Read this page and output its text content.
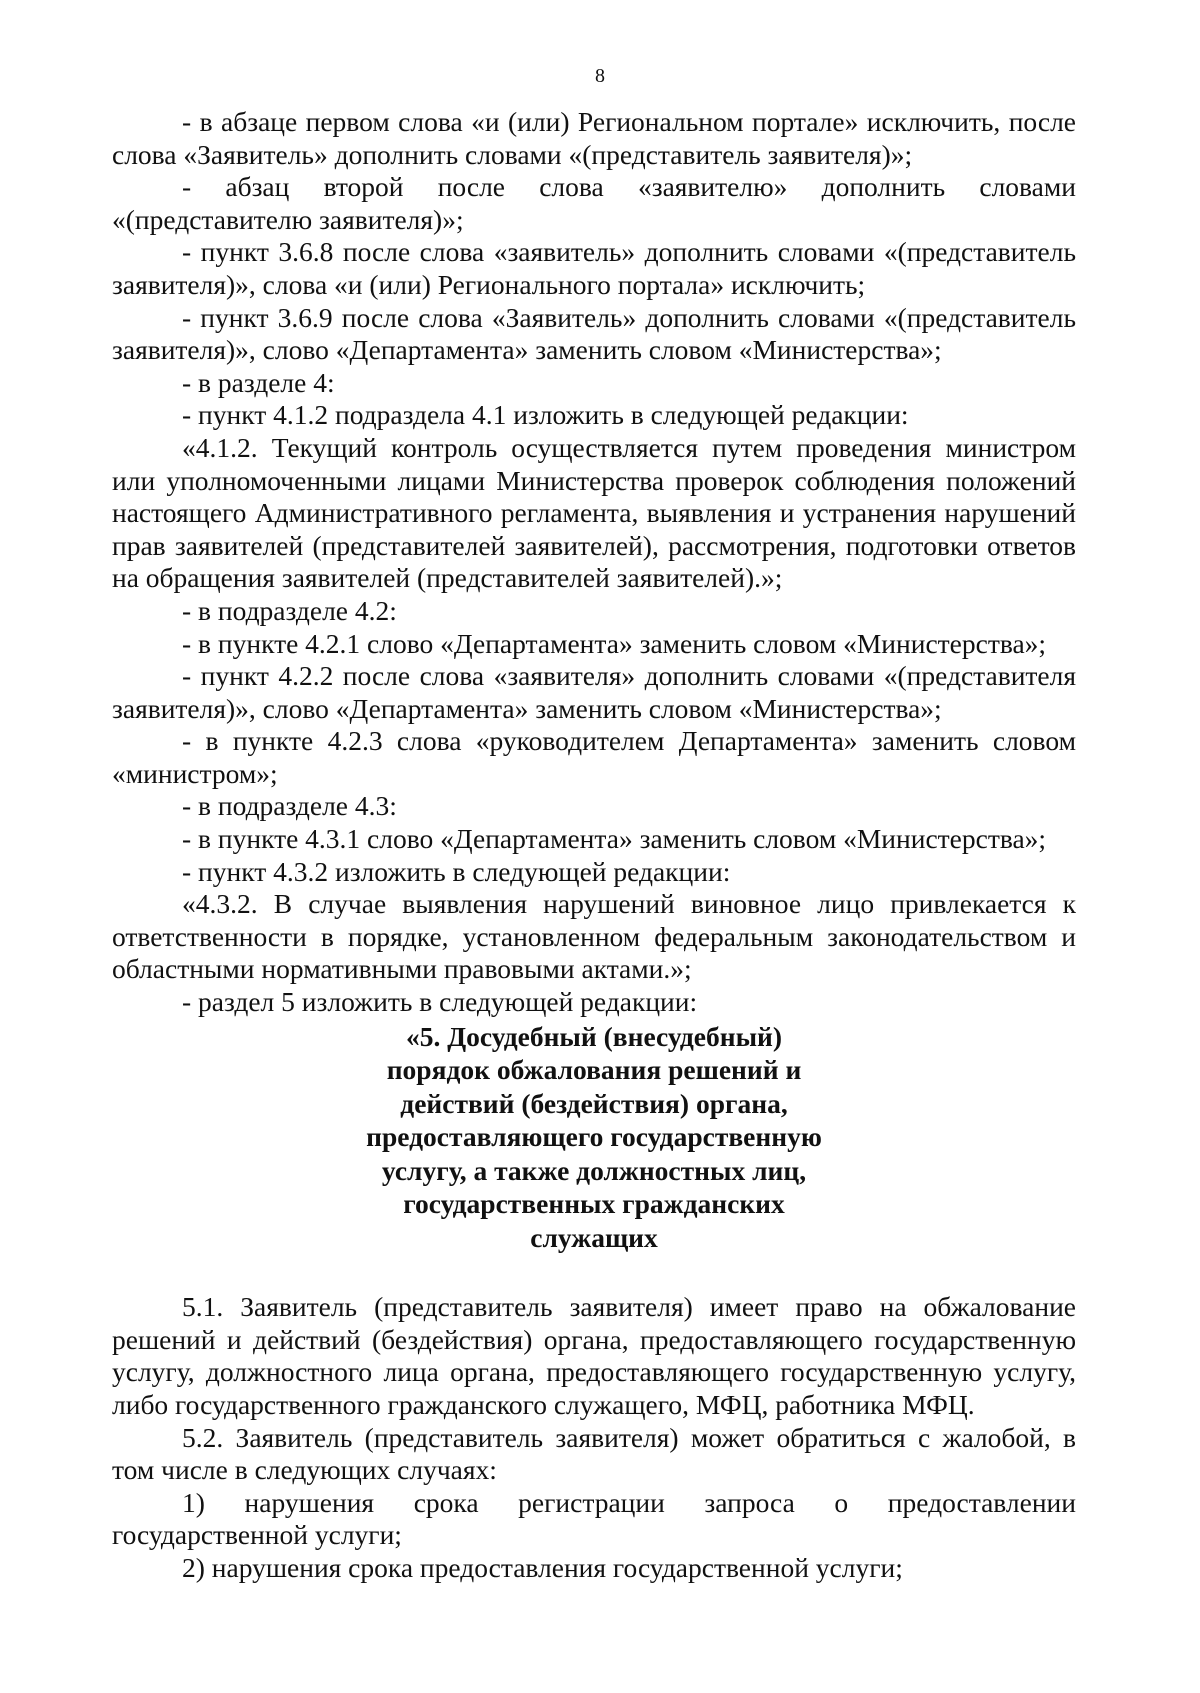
8

- в абзаце первом слова «и (или) Региональном портале» исключить, после слова «Заявитель» дополнить словами «(представитель заявителя)»;

- абзац второй после слова «заявителю» дополнить словами «(представителю заявителя)»;

- пункт 3.6.8 после слова «заявитель» дополнить словами «(представитель заявителя)», слова «и (или) Регионального портала» исключить;

- пункт 3.6.9 после слова «Заявитель» дополнить словами «(представитель заявителя)», слово «Департамента» заменить словом «Министерства»;

- в разделе 4:

- пункт 4.1.2 подраздела 4.1 изложить в следующей редакции:

«4.1.2. Текущий контроль осуществляется путем проведения министром или уполномоченными лицами Министерства проверок соблюдения положений настоящего Административного регламента, выявления и устранения нарушений прав заявителей (представителей заявителей), рассмотрения, подготовки ответов на обращения заявителей (представителей заявителей).»;

- в подразделе 4.2:

- в пункте 4.2.1 слово «Департамента» заменить словом «Министерства»;

- пункт 4.2.2 после слова «заявителя» дополнить словами «(представителя заявителя)», слово «Департамента» заменить словом «Министерства»;

- в пункте 4.2.3 слова «руководителем Департамента» заменить словом «министром»;

- в подразделе 4.3:

- в пункте 4.3.1 слово «Департамента» заменить словом «Министерства»;

- пункт 4.3.2 изложить в следующей редакции:

«4.3.2. В случае выявления нарушений виновное лицо привлекается к ответственности в порядке, установленном федеральным законодательством и областными нормативными правовыми актами.»;

- раздел 5 изложить в следующей редакции:

«5. Досудебный (внесудебный)
порядок обжалования решений и
действий (бездействия) органа,
предоставляющего государственную
услугу, а также должностных лиц,
государственных гражданских
служащих

5.1. Заявитель (представитель заявителя) имеет право на обжалование решений и действий (бездействия) органа, предоставляющего государственную услугу, должностного лица органа, предоставляющего государственную услугу, либо государственного гражданского служащего, МФЦ, работника МФЦ.

5.2. Заявитель (представитель заявителя) может обратиться с жалобой, в том числе в следующих случаях:

1) нарушения срока регистрации запроса о предоставлении государственной услуги;

2) нарушения срока предоставления государственной услуги;
